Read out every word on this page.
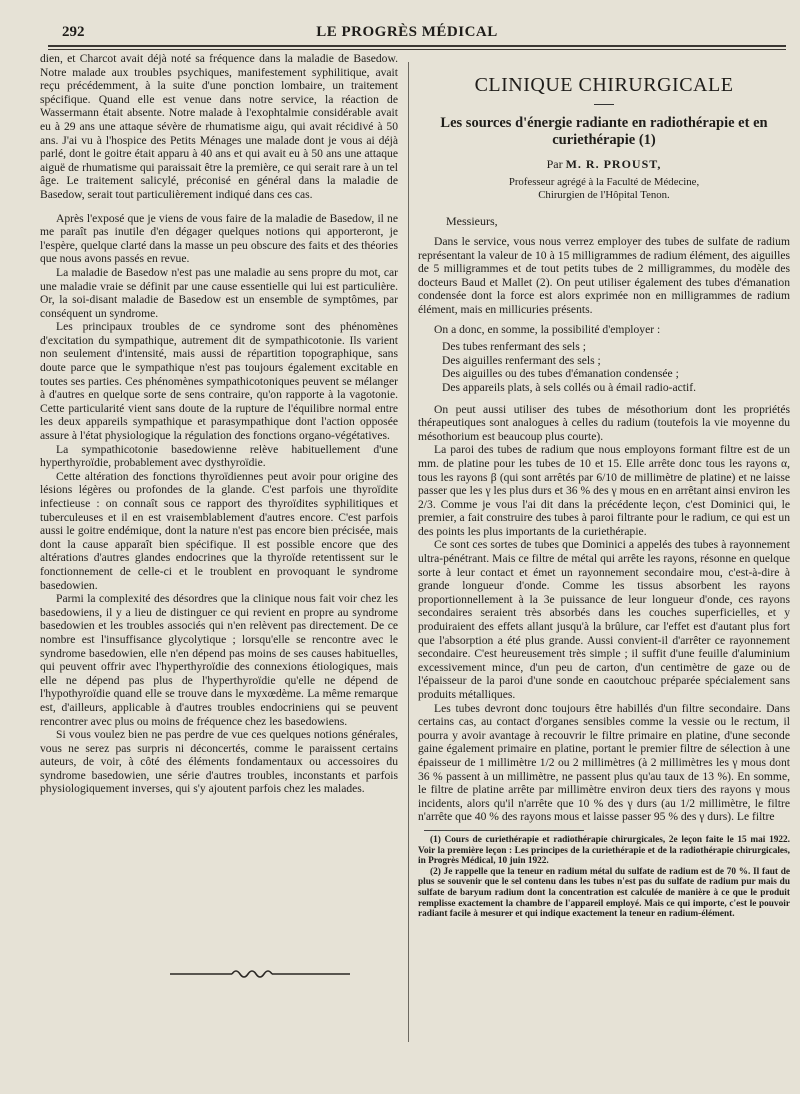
292	LE PROGRÈS MÉDICAL

dien, et Charcot avait déjà noté sa fréquence dans la maladie de Basedow. Notre malade aux troubles psychiques, manifestement syphilitique, avait reçu précédemment, à la suite d'une ponction lombaire, un traitement spécifique. Quand elle est venue dans notre service, la réaction de Wassermann était absente. Notre malade à l'exophtalmie considérable avait eu à 29 ans une attaque sévère de rhumatisme aigu, qui avait récidivé à 50 ans. J'ai vu à l'hospice des Petits Ménages une malade dont je vous ai déjà parlé, dont le goitre était apparu à 40 ans et qui avait eu à 50 ans une attaque aiguë de rhumatisme qui paraissait être la première, ce qui serait rare à un tel âge. Le traitement salicylé, préconisé en général dans la maladie de Basedow, serait tout particulièrement indiqué dans ces cas.

Après l'exposé que je viens de vous faire de la maladie de Basedow, il ne me paraît pas inutile d'en dégager quelques notions qui apporteront, je l'espère, quelque clarté dans la masse un peu obscure des faits et des théories que nous avons passés en revue.

La maladie de Basedow n'est pas une maladie au sens propre du mot, car une maladie vraie se définit par une cause essentielle qui lui est particulière. Or, la soi-disant maladie de Basedow est un ensemble de symptômes, par conséquent un syndrome.

Les principaux troubles de ce syndrome sont des phénomènes d'excitation du sympathique, autrement dit de sympathicotonie. Ils varient non seulement d'intensité, mais aussi de répartition topographique, sans doute parce que le sympathique n'est pas toujours également excitable en toutes ses parties. Ces phénomènes sympathicotoniques peuvent se mélanger à d'autres en quelque sorte de sens contraire, qu'on rapporte à la vagotonie. Cette particularité vient sans doute de la rupture de l'équilibre normal entre les deux appareils sympathique et parasympathique dont l'action opposée assure à l'état physiologique la régulation des fonctions organo-végétatives.

La sympathicotonie basedowienne relève habituellement d'une hyperthyroïdie, probablement avec dysthyroïdie.

Cette altération des fonctions thyroïdiennes peut avoir pour origine des lésions légères ou profondes de la glande. C'est parfois une thyroïdite infectieuse : on connaît sous ce rapport des thyroïdites syphilitiques et tuberculeuses et il en est vraisemblablement d'autres encore. C'est parfois aussi le goitre endémique, dont la nature n'est pas encore bien précisée, mais dont la cause apparaît bien spécifique. Il est possible encore que des altérations d'autres glandes endocrines que la thyroïde retentissent sur le fonctionnement de celle-ci et le troublent en provoquant le syndrome basedowien.

Parmi la complexité des désordres que la clinique nous fait voir chez les basedowiens, il y a lieu de distinguer ce qui revient en propre au syndrome basedowien et les troubles associés qui n'en relèvent pas directement. De ce nombre est l'insuffisance glycolytique ; lorsqu'elle se rencontre avec le syndrome basedowien, elle n'en dépend pas moins de ses causes habituelles, qui peuvent offrir avec l'hyperthyroïdie des connexions étiologiques, mais elle ne dépend pas plus de l'hyperthyroïdie qu'elle ne dépend de l'hypothyroïdie quand elle se trouve dans le myxœdème. La même remarque est, d'ailleurs, applicable à d'autres troubles endocriniens qui se peuvent rencontrer avec plus ou moins de fréquence chez les basedowiens.

Si vous voulez bien ne pas perdre de vue ces quelques notions générales, vous ne serez pas surpris ni déconcertés, comme le paraissent certains auteurs, de voir, à côté des éléments fondamentaux ou accessoires du syndrome basedowien, une série d'autres troubles, inconstants et parfois physiologiquement inverses, qui s'y ajoutent parfois chez les malades.

CLINIQUE CHIRURGICALE
Les sources d'énergie radiante en radiothérapie et en curiethérapie (1)
Par M. R. PROUST,
Professeur agrégé à la Faculté de Médecine,
Chirurgien de l'Hôpital Tenon.
Messieurs,

Dans le service, vous nous verrez employer des tubes de sulfate de radium représentant la valeur de 10 à 15 milligrammes de radium élément, des aiguilles de 5 milligrammes et de tout petits tubes de 2 milligrammes, du modèle des docteurs Baud et Mallet (2). On peut utiliser également des tubes d'émanation condensée dont la force est alors exprimée non en milligrammes de radium élément, mais en millicuries présents.

On a donc, en somme, la possibilité d'employer :

Des tubes renfermant des sels ;
Des aiguilles renfermant des sels ;
Des aiguilles ou des tubes d'émanation condensée ;
Des appareils plats, à sels collés ou à émail radio-actif.

On peut aussi utiliser des tubes de mésothorium dont les propriétés thérapeutiques sont analogues à celles du radium (toutefois la vie moyenne du mésothorium est beaucoup plus courte).

La paroi des tubes de radium que nous employons formant filtre est de un mm. de platine pour les tubes de 10 et 15. Elle arrête donc tous les rayons α, tous les rayons β (qui sont arrêtés par 6/10 de millimètre de platine) et ne laisse passer que les γ les plus durs et 36 % des γ mous en en arrêtant ainsi environ les 2/3. Comme je vous l'ai dit dans la précédente leçon, c'est Dominici qui, le premier, a fait construire des tubes à paroi filtrante pour le radium, ce qui est un des points les plus importants de la curiethérapie.

Ce sont ces sortes de tubes que Dominici a appelés des tubes à rayonnement ultra-pénétrant. Mais ce filtre de métal qui arrête les rayons, résonne en quelque sorte à leur contact et émet un rayonnement secondaire mou, c'est-à-dire à grande longueur d'onde. Comme les tissus absorbent les rayons proportionnellement à la 3e puissance de leur longueur d'onde, ces rayons secondaires seraient très absorbés dans les couches superficielles, et y produiraient des effets allant jusqu'à la brûlure, car l'effet est d'autant plus fort que l'absorption a été plus grande. Aussi convient-il d'arrêter ce rayonnement secondaire. C'est heureusement très simple ; il suffit d'une feuille d'aluminium excessivement mince, d'un peu de carton, d'un centimètre de gaze ou de l'épaisseur de la paroi d'une sonde en caoutchouc préparée spécialement sans produits métalliques.

Les tubes devront donc toujours être habillés d'un filtre secondaire. Dans certains cas, au contact d'organes sensibles comme la vessie ou le rectum, il pourra y avoir avantage à recouvrir le filtre primaire en platine, d'une seconde gaine également primaire en platine, portant le premier filtre de sélection à une épaisseur de 1 millimètre 1/2 ou 2 millimètres (à 2 millimètres les γ mous dont 36 % passent à un millimètre, ne passent plus qu'au taux de 13 %). En somme, le filtre de platine arrête par millimètre environ deux tiers des rayons γ mous incidents, alors qu'il n'arrête que 10 % des γ durs (au 1/2 millimètre, le filtre n'arrête que 40 % des rayons mous et laisse passer 95 % des γ durs). Le filtre

(1) Cours de curiethérapie et radiothérapie chirurgicales, 2e leçon faite le 15 mai 1922. Voir la première leçon : Les principes de la curiethérapie et de la radiothérapie chirurgicales, in Progrès Médical, 10 juin 1922.

(2) Je rappelle que la teneur en radium métal du sulfate de radium est de 70 %. Il faut de plus se souvenir que le sel contenu dans les tubes n'est pas du sulfate de radium pur mais du sulfate de baryum radium dont la concentration est calculée de manière à ce que le produit remplisse exactement la chambre de l'appareil employé. Mais ce qui importe, c'est le pouvoir radiant facile à mesurer et qui indique exactement la teneur en radium-élément.
